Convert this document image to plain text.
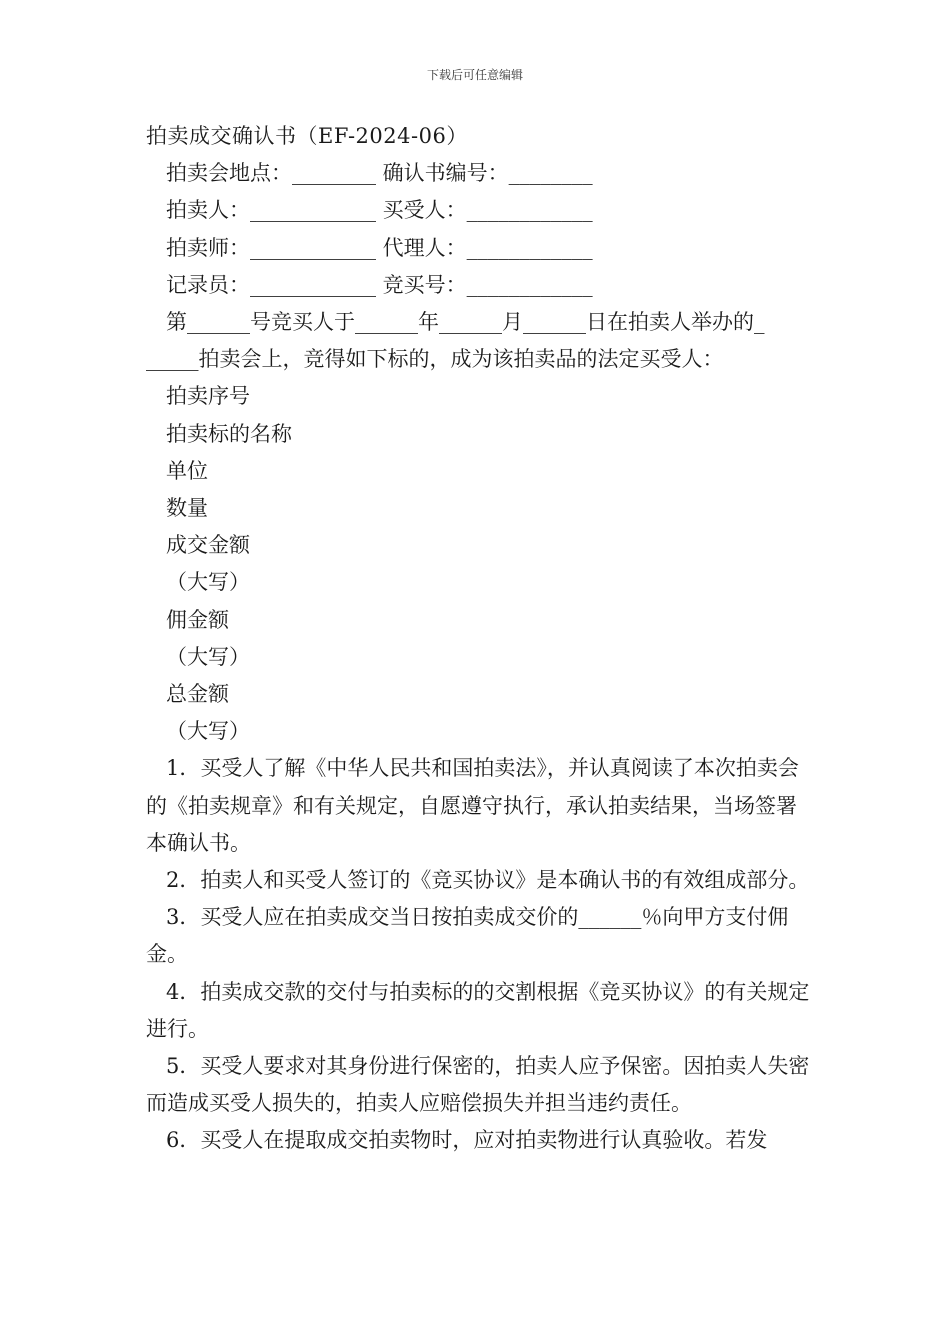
下载后可任意编辑
拍卖成交确认书（EF-2024-06）
拍卖会地点：________ 确认书编号：________
拍卖人：____________ 买受人：____________
拍卖师：____________ 代理人：____________
记录员：____________ 竞买号：____________
第______号竞买人于______年______月______日在拍卖人举办的_
_____拍卖会上，竞得如下标的，成为该拍卖品的法定买受人：
拍卖序号
拍卖标的名称
单位
数量
成交金额
（大写）
佣金额
（大写）
总金额
（大写）
1．买受人了解《中华人民共和国拍卖法》，并认真阅读了本次拍卖会的《拍卖规章》和有关规定，自愿遵守执行，承认拍卖结果，当场签署本确认书。
2．拍卖人和买受人签订的《竞买协议》是本确认书的有效组成部分。
3．买受人应在拍卖成交当日按拍卖成交价的______％向甲方支付佣金。
4．拍卖成交款的交付与拍卖标的的交割根据《竞买协议》的有关规定进行。
5．买受人要求对其身份进行保密的，拍卖人应予保密。因拍卖人失密而造成买受人损失的，拍卖人应赔偿损失并担当违约责任。
6．买受人在提取成交拍卖物时，应对拍卖物进行认真验收。若发
